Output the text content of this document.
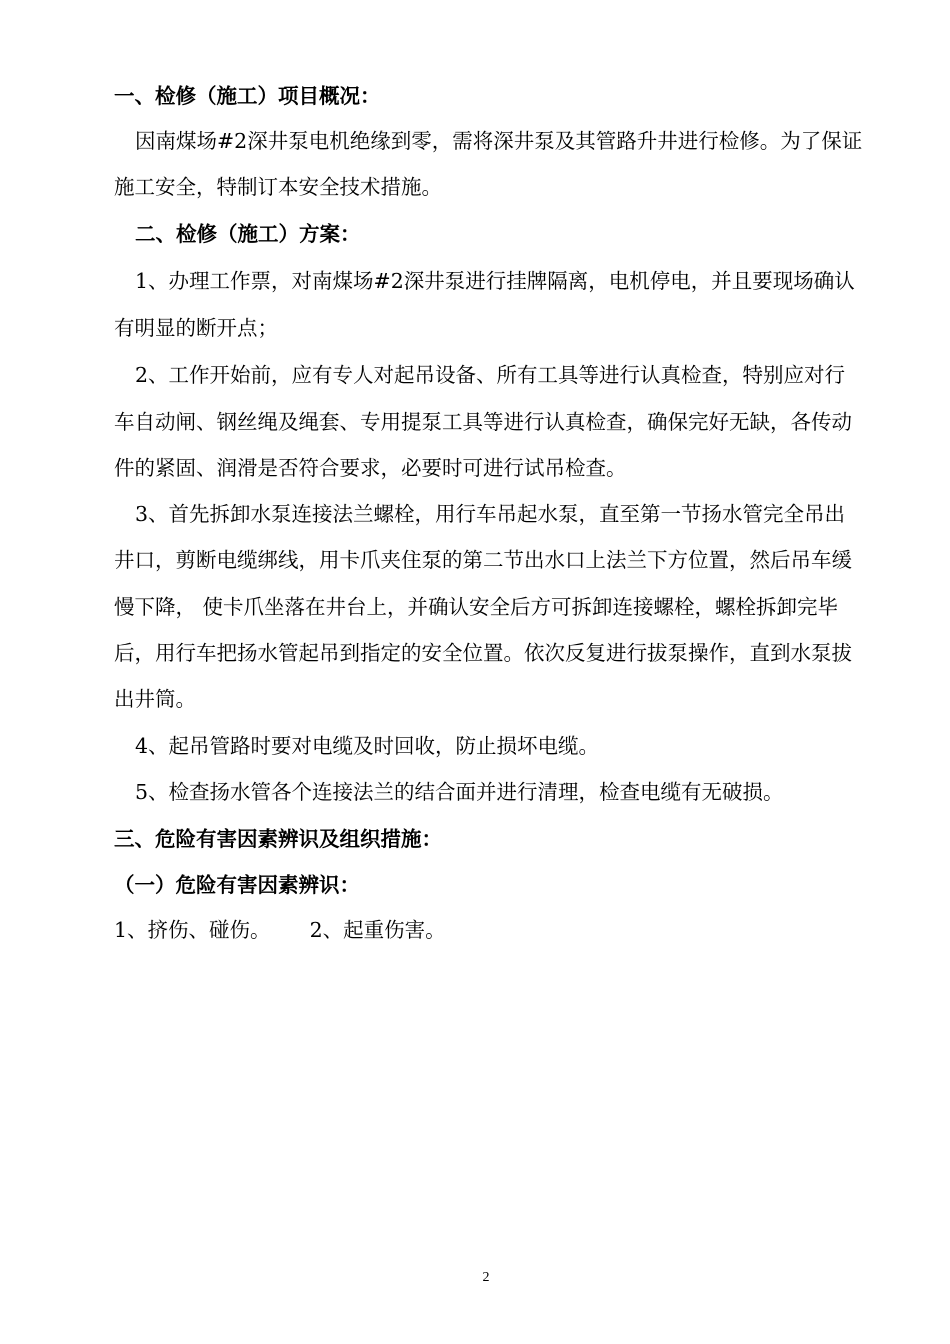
一、检修（施工）项目概况：
因南煤场#2深井泵电机绝缘到零，需将深井泵及其管路升井进行检修。为了保证
施工安全，特制订本安全技术措施。
二、检修（施工）方案：
1、办理工作票，对南煤场#2深井泵进行挂牌隔离，电机停电，并且要现场确认
有明显的断开点；
2、工作开始前，应有专人对起吊设备、所有工具等进行认真检查，特别应对行
车自动闸、钢丝绳及绳套、专用提泵工具等进行认真检查，确保完好无缺，各传动
件的紧固、润滑是否符合要求，必要时可进行试吊检查。
3、首先拆卸水泵连接法兰螺栓，用行车吊起水泵，直至第一节扬水管完全吊出
井口，剪断电缆绑线，用卡爪夹住泵的第二节出水口上法兰下方位置，然后吊车缓
慢下降， 使卡爪坐落在井台上，并确认安全后方可拆卸连接螺栓，螺栓拆卸完毕
后，用行车把扬水管起吊到指定的安全位置。依次反复进行拔泵操作，直到水泵拔
出井筒。
4、起吊管路时要对电缆及时回收，防止损坏电缆。
5、检查扬水管各个连接法兰的结合面并进行清理，检查电缆有无破损。
三、危险有害因素辨识及组织措施：
（一）危险有害因素辨识：
1、挤伤、碰伤。      2、起重伤害。
2
